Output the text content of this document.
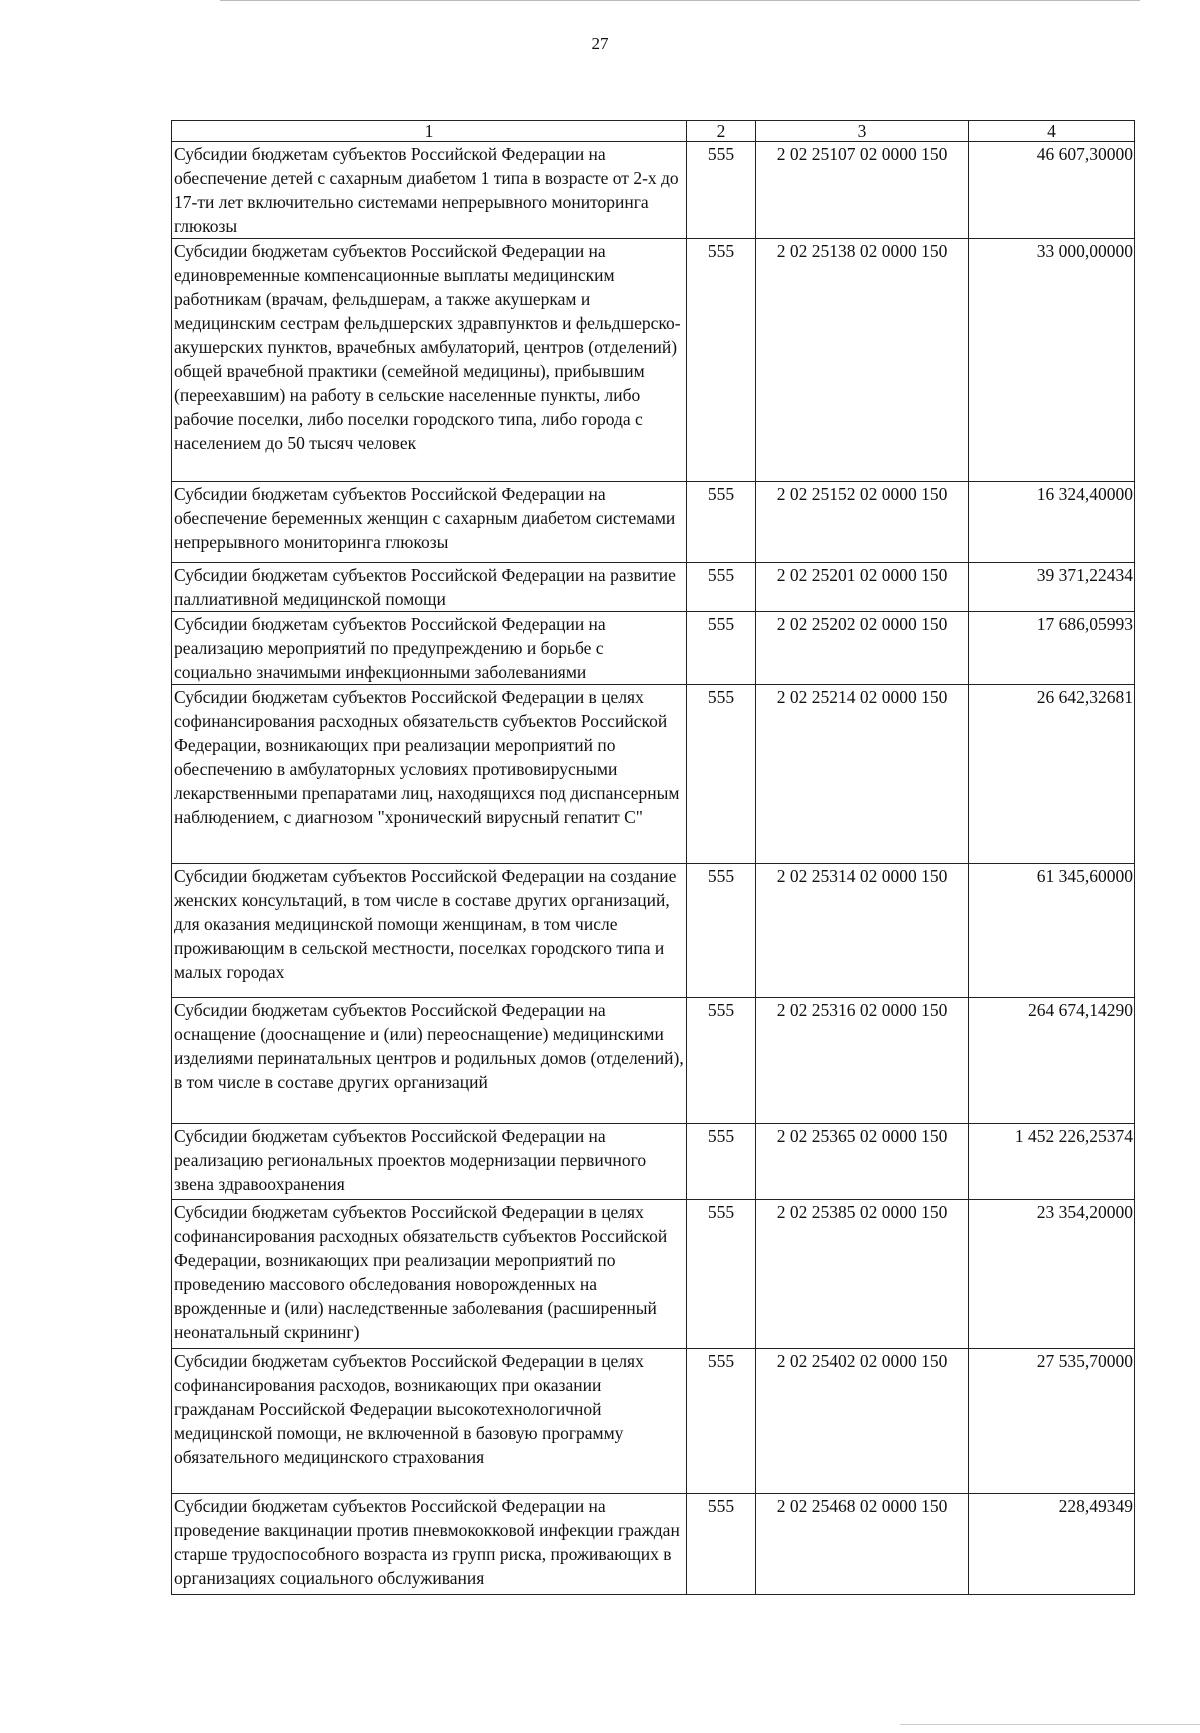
27
1	2	3	4
Субсидии бюджетам субъектов Российской Федерации на обеспечение детей с сахарным диабетом 1 типа в возрасте от 2-х до 17-ти лет включительно системами непрерывного мониторинга глюкозы	555	2 02 25107 02 0000 150	46 607,30000
Субсидии бюджетам субъектов Российской Федерации на единовременные компенсационные выплаты медицинским работникам (врачам, фельдшерам, а также акушеркам и медицинским сестрам фельдшерских здравпунктов и фельдшерско-акушерских пунктов, врачебных амбулаторий, центров (отделений) общей врачебной практики (семейной медицины), прибывшим (переехавшим) на работу в сельские населенные пункты, либо рабочие поселки, либо поселки городского типа, либо города с населением до 50 тысяч человек	555	2 02 25138 02 0000 150	33 000,00000
Субсидии бюджетам субъектов Российской Федерации на обеспечение беременных женщин с сахарным диабетом системами непрерывного мониторинга глюкозы	555	2 02 25152 02 0000 150	16 324,40000
Субсидии бюджетам субъектов Российской Федерации на развитие паллиативной медицинской помощи	555	2 02 25201 02 0000 150	39 371,22434
Субсидии бюджетам субъектов Российской Федерации на реализацию мероприятий по предупреждению и борьбе с социально значимыми инфекционными заболеваниями	555	2 02 25202 02 0000 150	17 686,05993
Субсидии бюджетам субъектов Российской Федерации в целях софинансирования расходных обязательств субъектов Российской Федерации, возникающих при реализации мероприятий по обеспечению в амбулаторных условиях противовирусными лекарственными препаратами лиц, находящихся под диспансерным наблюдением, с диагнозом "хронический вирусный гепатит С"	555	2 02 25214 02 0000 150	26 642,32681
Субсидии бюджетам субъектов Российской Федерации на создание женских консультаций, в том числе в составе других организаций, для оказания медицинской помощи женщинам, в том числе проживающим в сельской местности, поселках городского типа и малых городах	555	2 02 25314 02 0000 150	61 345,60000
Субсидии бюджетам субъектов Российской Федерации на оснащение (дооснащение и (или) переоснащение) медицинскими изделиями перинатальных центров и родильных домов (отделений), в том числе в составе других организаций	555	2 02 25316 02 0000 150	264 674,14290
Субсидии бюджетам субъектов Российской Федерации на реализацию региональных проектов модернизации первичного звена здравоохранения	555	2 02 25365 02 0000 150	1 452 226,25374
Субсидии бюджетам субъектов Российской Федерации в целях софинансирования расходных обязательств субъектов Российской Федерации, возникающих при реализации мероприятий по проведению массового обследования новорожденных на врожденные и (или) наследственные заболевания (расширенный неонатальный скрининг)	555	2 02 25385 02 0000 150	23 354,20000
Субсидии бюджетам субъектов Российской Федерации в целях софинансирования расходов, возникающих при оказании гражданам Российской Федерации высокотехнологичной медицинской помощи, не включенной в базовую программу обязательного медицинского страхования	555	2 02 25402 02 0000 150	27 535,70000
Субсидии бюджетам субъектов Российской Федерации на проведение вакцинации против пневмококковой инфекции граждан старше трудоспособного возраста из групп риска, проживающих в организациях социального обслуживания	555	2 02 25468 02 0000 150	228,49349
